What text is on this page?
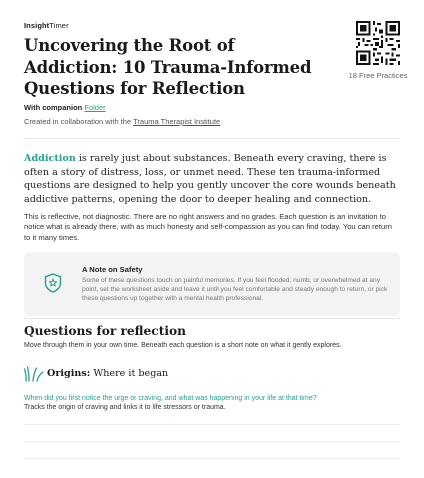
InsightTimer
Uncovering the Root of Addiction: 10 Trauma-Informed Questions for Reflection
With companion Folder
Created in collaboration with the Trauma Therapist Institute
18 Free Practices
Addiction is rarely just about substances. Beneath every craving, there is often a story of distress, loss, or unmet need. These ten trauma-informed questions are designed to help you gently uncover the core wounds beneath addictive patterns, opening the door to deeper healing and connection.
This is reflective, not diagnostic. There are no right answers and no grades. Each question is an invitation to notice what is already there, with as much honesty and self-compassion as you can find today. You can return to it many times.
A Note on Safety
Some of these questions touch on painful memories. If you feel flooded, numb, or overwhelmed at any point, set the worksheet aside and leave it until you feel comfortable and steady enough to return, or pick these questions up together with a mental health professional.
Questions for reflection
Move through them in your own time. Beneath each question is a short note on what it gently explores.
Origins: Where it began
When did you first notice the urge or craving, and what was happening in your life at that time?
Tracks the origin of craving and links it to life stressors or trauma.
